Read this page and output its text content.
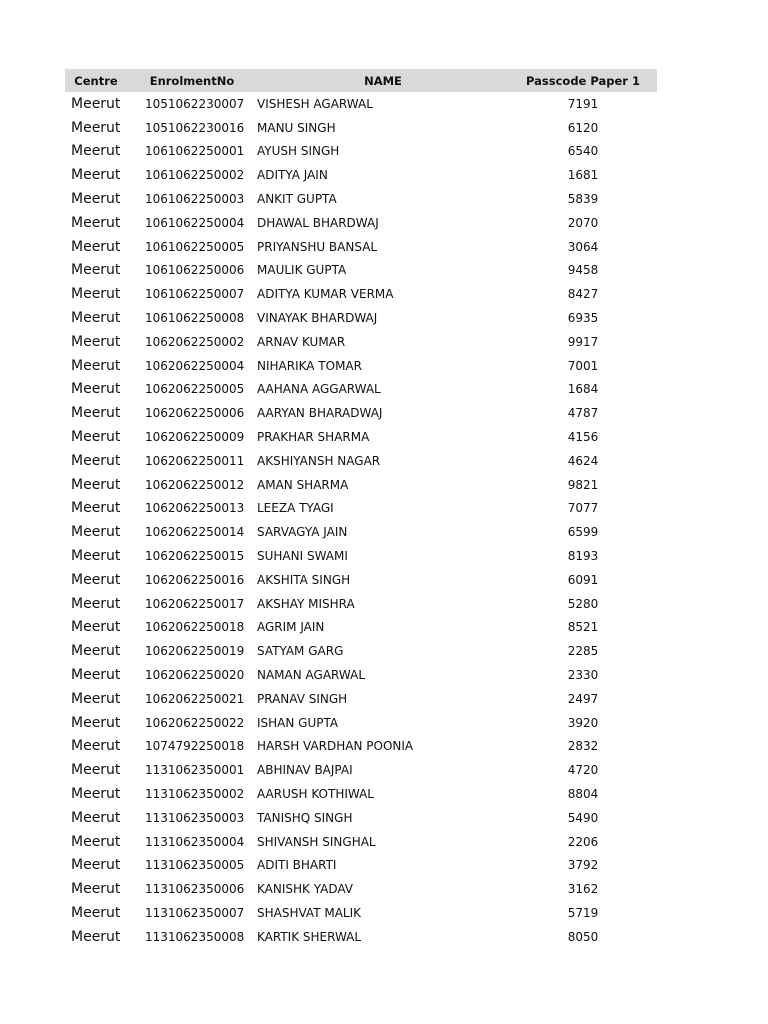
Centre	EnrolmentNo	NAME	Passcode Paper 1
Meerut	1051062230007	VISHESH AGARWAL	7191
Meerut	1051062230016	MANU SINGH	6120
Meerut	1061062250001	AYUSH SINGH	6540
Meerut	1061062250002	ADITYA JAIN	1681
Meerut	1061062250003	ANKIT GUPTA	5839
Meerut	1061062250004	DHAWAL BHARDWAJ	2070
Meerut	1061062250005	PRIYANSHU BANSAL	3064
Meerut	1061062250006	MAULIK GUPTA	9458
Meerut	1061062250007	ADITYA KUMAR VERMA	8427
Meerut	1061062250008	VINAYAK BHARDWAJ	6935
Meerut	1062062250002	ARNAV KUMAR	9917
Meerut	1062062250004	NIHARIKA TOMAR	7001
Meerut	1062062250005	AAHANA AGGARWAL	1684
Meerut	1062062250006	AARYAN BHARADWAJ	4787
Meerut	1062062250009	PRAKHAR SHARMA	4156
Meerut	1062062250011	AKSHIYANSH NAGAR	4624
Meerut	1062062250012	AMAN SHARMA	9821
Meerut	1062062250013	LEEZA TYAGI	7077
Meerut	1062062250014	SARVAGYA JAIN	6599
Meerut	1062062250015	SUHANI SWAMI	8193
Meerut	1062062250016	AKSHITA SINGH	6091
Meerut	1062062250017	AKSHAY MISHRA	5280
Meerut	1062062250018	AGRIM JAIN	8521
Meerut	1062062250019	SATYAM GARG	2285
Meerut	1062062250020	NAMAN AGARWAL	2330
Meerut	1062062250021	PRANAV SINGH	2497
Meerut	1062062250022	ISHAN GUPTA	3920
Meerut	1074792250018	HARSH VARDHAN POONIA	2832
Meerut	1131062350001	ABHINAV BAJPAI	4720
Meerut	1131062350002	AARUSH KOTHIWAL	8804
Meerut	1131062350003	TANISHQ SINGH	5490
Meerut	1131062350004	SHIVANSH SINGHAL	2206
Meerut	1131062350005	ADITI BHARTI	3792
Meerut	1131062350006	KANISHK YADAV	3162
Meerut	1131062350007	SHASHVAT MALIK	5719
Meerut	1131062350008	KARTIK SHERWAL	8050
